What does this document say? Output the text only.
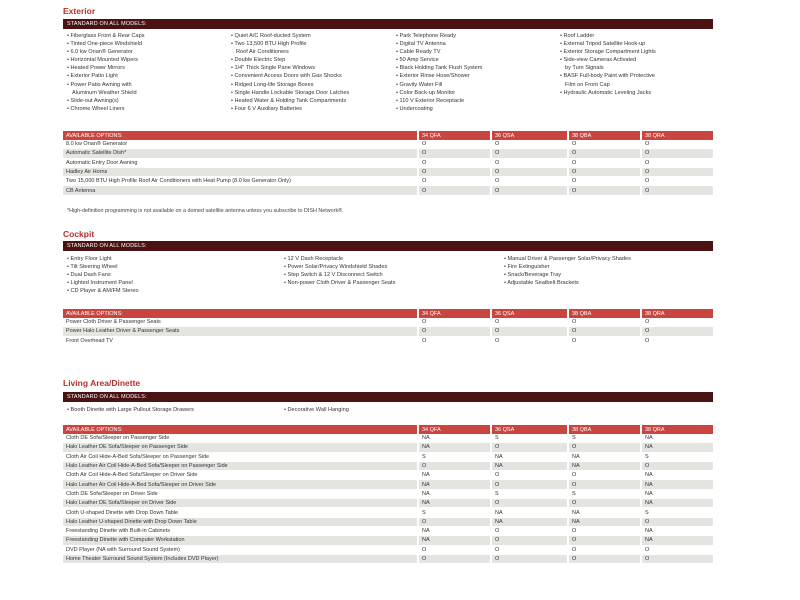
Exterior
STANDARD ON ALL MODELS:
• Fiberglass Front & Rear Caps
• Tinted One-piece Windshield
• 6.0 kw Onan® Generator
• Horizontal Mounted Wipers
• Heated Power Mirrors
• Exterior Patio Light
• Power Patio Awning with
Aluminum Weather Shield
• Slide-out Awning(s)
• Chrome Wheel Liners
• Quiet A/C Roof-ducted System
• Two 13,500 BTU High Profile
Roof Air Conditioners
• Double Electric Step
• 1/4" Thick Single Pane Windows
• Convenient Access Doors with Gas Shocks
• Ridged Long-life Storage Boxes
• Single Handle Lockable Storage Door Latches
• Heated Water & Holding Tank Compartments
• Four 6 V Auxiliary Batteries
• Park Telephone Ready
• Digital TV Antenna
• Cable Ready TV
• 50 Amp Service
• Black Holding Tank Flush System
• Exterior Rinse Hose/Shower
• Gravity Water Fill
• Color Back-up Monitor
• 110 V Exterior Receptacle
• Undercoating
• Roof Ladder
• External Tripod Satellite Hook-up
• Exterior Storage Compartment Lights
• Side-view Cameras Activated
by Turn Signals
• BASF Full-body Paint with Protective
Film on Front Cap
• Hydraulic Automatic Leveling Jacks
AVAILABLE OPTIONS:	34 QFA	36 QSA	38 QBA	38 QRA
8.0 kw Onan® Generator	O	O	O	O
Automatic Satellite Dish*	O	O	O	O
Automatic Entry Door Awning	O	O	O	O
Hadley Air Horns	O	O	O	O
Two 15,000 BTU High Profile Roof Air Conditioners with Heat Pump (8.0 kw Generator Only)	O	O	O	O
CB Antenna	O	O	O	O
*High-definition programming is not available on a domed satellite antenna unless you subscribe to DISH Network®.
Cockpit
STANDARD ON ALL MODELS:
• Entry Floor Light
• Tilt Steering Wheel
• Dual Dash Fans
• Lighted Instrument Panel
• CD Player & AM/FM Stereo
• 12 V Dash Receptacle
• Power Solar/Privacy Windshield Shades
• Step Switch & 12 V Disconnect Switch
• Non-power Cloth Driver & Passenger Seats
• Manual Driver & Passenger Solar/Privacy Shades
• Fire Extinguisher
• Snack/Beverage Tray
• Adjustable Seatbelt Brackets
AVAILABLE OPTIONS:	34 QFA	36 QSA	38 QBA	38 QRA
Power Cloth Driver & Passenger Seats	O	O	O	O
Power Halo Leather Driver & Passenger Seats	O	O	O	O
Front Overhead TV	O	O	O	O
Living Area/Dinette
STANDARD ON ALL MODELS:
• Booth Dinette with Large Pullout Storage Drawers	• Decorative Wall Hanging
AVAILABLE OPTIONS:	34 QFA	36 QSA	38 QBA	38 QRA
Cloth DE Sofa/Sleeper on Passenger Side	NA	S	S	NA
Halo Leather DE Sofa/Sleeper on Passenger Side	NA	O	O	NA
Cloth Air Coil Hide-A-Bed Sofa/Sleeper on Passenger Side	S	NA	NA	S
Halo Leather Air Coil Hide-A-Bed Sofa/Sleeper on Passenger Side	O	NA	NA	O
Cloth Air Coil Hide-A-Bed Sofa/Sleeper on Driver Side	NA	O	O	NA
Halo Leather Air Coil Hide-A-Bed Sofa/Sleeper on Driver Side	NA	O	O	NA
Cloth DE Sofa/Sleeper on Driver Side	NA	S	S	NA
Halo Leather DE Sofa/Sleeper on Driver Side	NA	O	O	NA
Cloth U-shaped Dinette with Drop Down Table	S	NA	NA	S
Halo Leather U-shaped Dinette with Drop Down Table	O	NA	NA	O
Freestanding Dinette with Built-in Cabinets	NA	O	O	NA
Freestanding Dinette with Computer Workstation	NA	O	O	NA
DVD Player (NA with Surround Sound System)	O	O	O	O
Home Theater Surround Sound System (Includes DVD Player)	O	O	O	O
